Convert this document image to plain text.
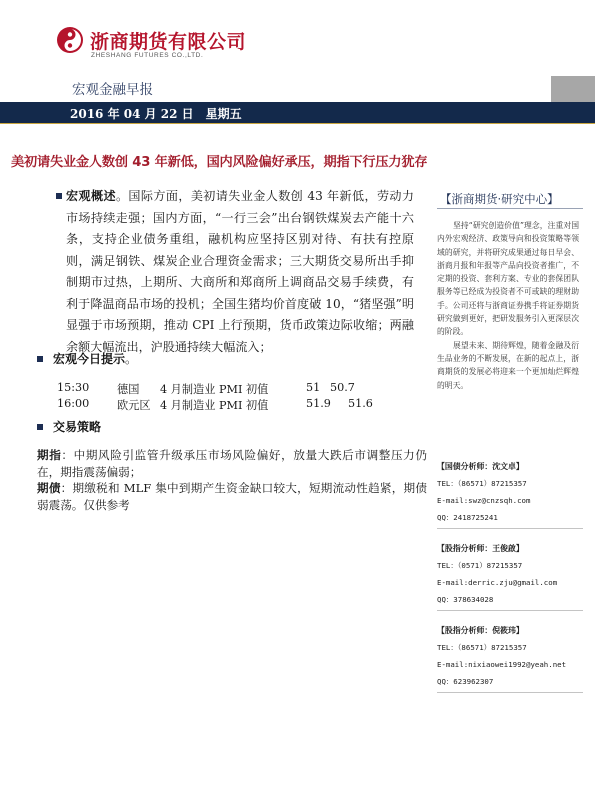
浙商期货有限公司
ZHESHANG FUTURES CO.,LTD.
宏观金融早报
2016 年 04 月 22 日　星期五
美初请失业金人数创 43 年新低，国内风险偏好承压，期指下行压力犹存
宏观概述。国际方面，美初请失业金人数创 43 年新低，劳动力市场持续走强；国内方面，“一行三会”出台钢铁煤炭去产能十六条，支持企业债务重组，融机构应坚持区别对待、有扶有控原则，满足钢铁、煤炭企业合理资金需求；三大期货交易所出手抑制期市过热，上期所、大商所和郑商所上调商品交易手续费，有利于降温商品市场的投机；全国生猪均价首度破 10，“猪坚强”明显强于市场预期，推动 CPI 上行预期，货币政策边际收缩；两融余额大幅流出，沪股通持续大幅流入；
宏观今日提示。
15:30 德国 4 月制造业 PMI 初值	51 50.7
16:00 欧元区 4 月制造业 PMI 初值	51.9 51.6
交易策略
期指：中期风险引监管升级承压市场风险偏好，放量大跌后市调整压力仍在，期指震荡偏弱；
期债：期缴税和 MLF 集中到期产生资金缺口较大，短期流动性趋紧，期债弱震荡。仅供参考
【浙商期货·研究中心】

坚持“研究创造价值”理念，注重对国内外宏观经济、政策导向和投资策略等领域的研究，并将研究成果通过每日早会、浙商月报和年报等产品向投资者推广，不定期的投资、套利方案、专业的套保团队服务等已经成为投资者不可或缺的理财助手。公司还将与浙商证券携手将证券期货研究做到更好，把研发服务引入更深层次的阶段。

展望未来、期待辉煌，随着金融及衍生品业务的不断发展，在新的起点上，浙商期货的发展必将迎来一个更加灿烂辉煌的明天。

【国债分析师：沈文卓】
TEL：（86571）87215357
E-mail:swz@cnzsqh.com
QQ：2418725241
【股指分析师：王俊啟】
TEL：（0571）87215357
E-mail:derric.zju@gmail.com
QQ：378634028
【股指分析师：倪筱玮】
TEL：（86571）87215357
E-mail:nixiaowei1992@yeah.net
QQ：623962307
